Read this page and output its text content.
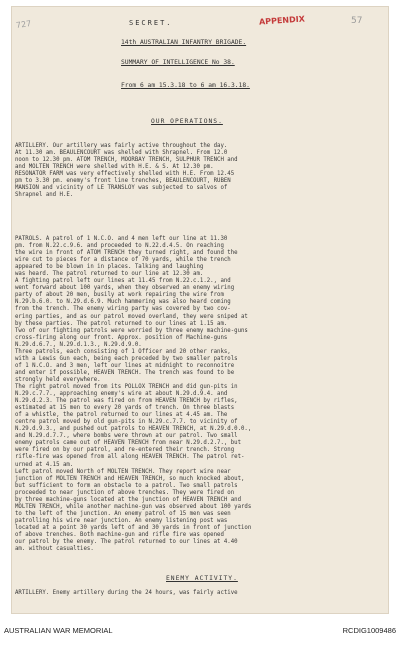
727	57
APPENDIX
SECRET.
14th AUSTRALIAN INFANTRY BRIGADE.
SUMMARY OF INTELLIGENCE No 38.
From 6 am 15.3.18 to 6 am 16.3.18.
OUR OPERATIONS.
ARTILLERY. Our artillery was fairly active throughout the day.
At 11.30 am. BEAULENCOURT was shelled with Shrapnel. From 12.0
noon to 12.30 pm. ATOM TRENCH, MOORBAY TRENCH, SULPHUR TRENCH and
and MOLTEN TRENCH were shelled with H.E. & S. At 12.30 pm.
RESONATOR FARM was very effectively shelled with H.E. From 12.45
pm to 3.30 pm. enemy's front line trenches, BEAULENCOURT, RUBEN
MANSION and vicinity of LE TRANSLOY was subjected to salvos of
Shrapnel and H.E.
PATROLS. A patrol of 1 N.C.O. and 4 men left our line at 11.30
pm. from N.22.c.9.6. and proceeded to N.22.d.4.5. On reaching
the wire in front of ATOM TRENCH they turned right, and found the
wire cut to pieces for a distance of 70 yards, while the trench
appeared to be blown in in places. Talking and laughing
was heard. The patrol returned to our line at 12.30 am.
A fighting patrol left our lines at 11.45 from N.22.c.1.2., and
went forward about 100 yards, when they observed an enemy wiring
party of about 20 men, busily at work repairing the wire from
N.29.b.6.0. to N.29.d.6.9. Much hammering was also heard coming
from the trench. The enemy wiring party was covered by two cov-
ering parties, and as our patrol moved overland, they were sniped at
by these parties. The patrol returned to our lines at 1.15 am.
Two of our fighting patrols were worried by three enemy machine-guns
cross-firing along our front. Approx. position of Machine-guns
N.29.d.6.7., N.29.d.1.3., N.29.d.9.0.
Three patrols, each consisting of 1 Officer and 20 other ranks,
with a Lewis Gun each, being each preceded by two smaller patrols
of 1 N.C.O. and 3 men, left our lines at midnight to reconnoitre
and enter if possible, HEAVEN TRENCH. The trench was found to be
strongly held everywhere.
The right patrol moved from its POLLOX TRENCH and did gun-pits in
N.29.c.7.7., approaching enemy's wire at about N.29.d.9.4. and
N.29.d.2.3. The patrol was fired on from HEAVEN TRENCH by rifles,
estimated at 15 men to every 20 yards of trench. On three blasts
of a whistle, the patrol returned to our lines at 4.45 am. The
centre patrol moved by old gun-pits in N.29.c.7.7. to vicinity of
N.29.d.9.3., and pushed out patrols to HEAVEN TRENCH, at N.29.d.0.0.,
and N.29.d.7.7., where bombs were thrown at our patrol. Two small
enemy patrols came out of HEAVEN TRENCH from near N.29.d.2.7., but
were fired on by our patrol, and re-entered their trench. Strong
rifle-fire was opened from all along HEAVEN TRENCH. The patrol ret-
urned at 4.15 am.
Left patrol moved North of MOLTEN TRENCH. They report wire near
junction of MOLTEN TRENCH and HEAVEN TRENCH, so much knocked about,
but sufficient to form an obstacle to a patrol. Two small patrols
proceeded to near junction of above trenches. They were fired on
by three machine-guns located at the junction of HEAVEN TRENCH and
MOLTEN TRENCH, while another machine-gun was observed about 100 yards
to the left of the junction. An enemy patrol of 15 men was seen
patrolling his wire near junction. An enemy listening post was
located at a point 30 yards left of and 30 yards in front of junction
of above trenches. Both machine-gun and rifle fire was opened
our patrol by the enemy. The patrol returned to our lines at 4.40
am. without casualties.
ENEMY ACTIVITY.
ARTILLERY. Enemy artillery during the 24 hours, was fairly active
AUSTRALIAN WAR MEMORIAL	RCDIG1009486
